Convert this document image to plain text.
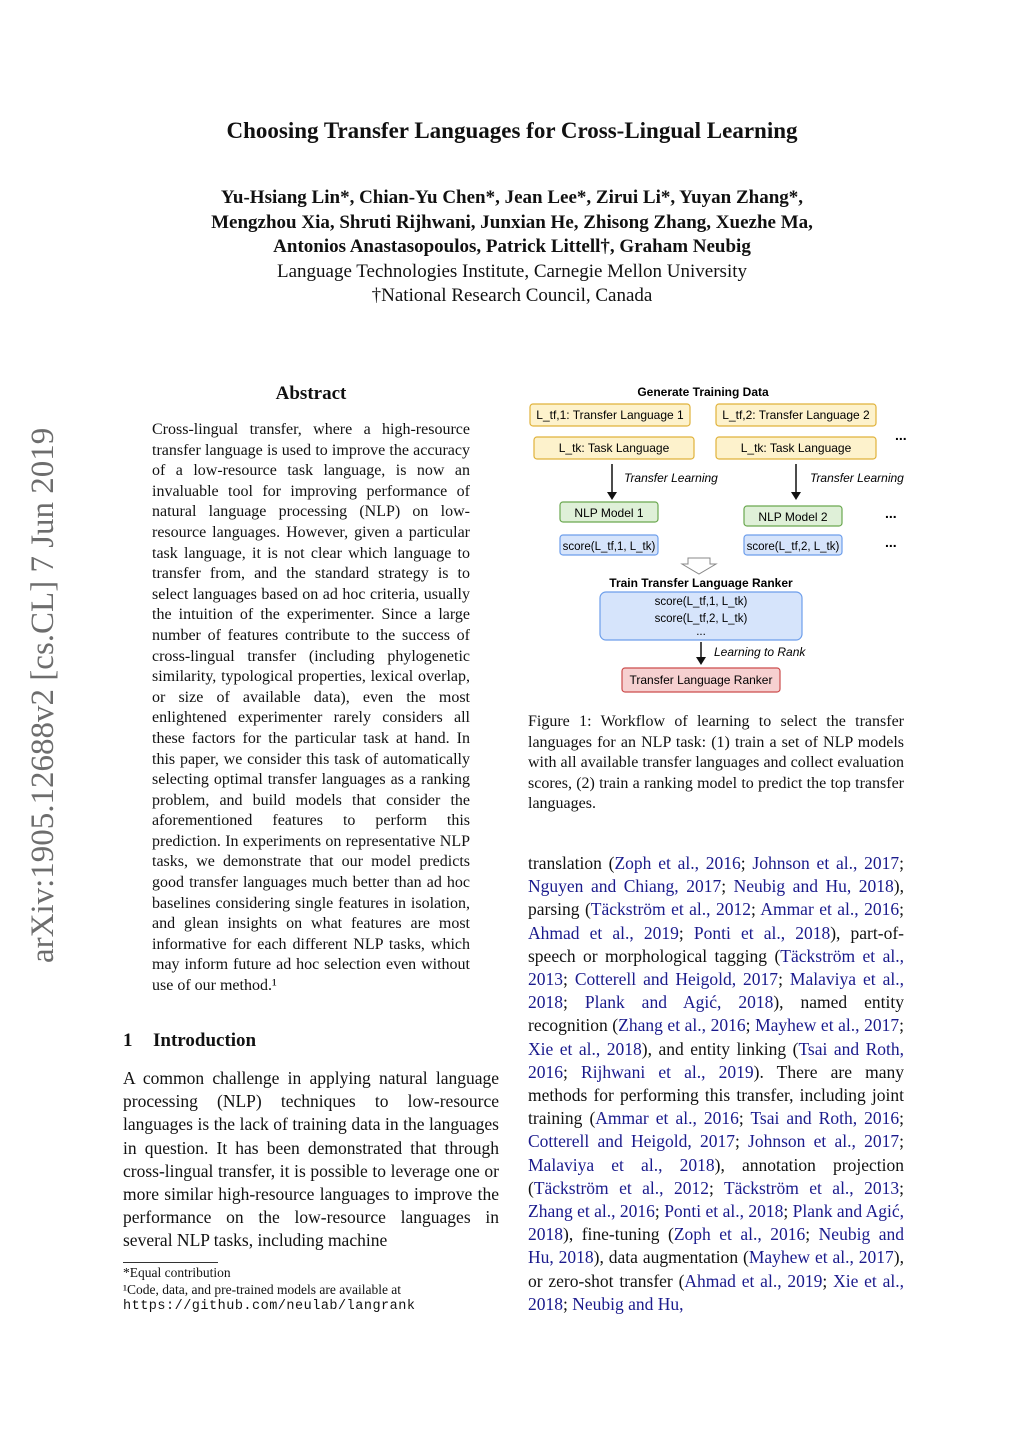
arXiv:1905.12688v2 [cs.CL] 7 Jun 2019
Choosing Transfer Languages for Cross-Lingual Learning
Yu-Hsiang Lin*, Chian-Yu Chen*, Jean Lee*, Zirui Li*, Yuyan Zhang*,
Mengzhou Xia, Shruti Rijhwani, Junxian He, Zhisong Zhang, Xuezhe Ma,
Antonios Anastasopoulos, Patrick Littell†, Graham Neubig
Language Technologies Institute, Carnegie Mellon University
†National Research Council, Canada
Abstract
Cross-lingual transfer, where a high-resource transfer language is used to improve the accuracy of a low-resource task language, is now an invaluable tool for improving performance of natural language processing (NLP) on low-resource languages. However, given a particular task language, it is not clear which language to transfer from, and the standard strategy is to select languages based on ad hoc criteria, usually the intuition of the experimenter. Since a large number of features contribute to the success of cross-lingual transfer (including phylogenetic similarity, typological properties, lexical overlap, or size of available data), even the most enlightened experimenter rarely considers all these factors for the particular task at hand. In this paper, we consider this task of automatically selecting optimal transfer languages as a ranking problem, and build models that consider the aforementioned features to perform this prediction. In experiments on representative NLP tasks, we demonstrate that our model predicts good transfer languages much better than ad hoc baselines considering single features in isolation, and glean insights on what features are most informative for each different NLP tasks, which may inform future ad hoc selection even without use of our method.¹
1 Introduction
A common challenge in applying natural language processing (NLP) techniques to low-resource languages is the lack of training data in the languages in question. It has been demonstrated that through cross-lingual transfer, it is possible to leverage one or more similar high-resource languages to improve the performance on the low-resource languages in several NLP tasks, including machine
*Equal contribution
¹Code, data, and pre-trained models are available at
https://github.com/neulab/langrank
Generate Training Data
L_tf,1: Transfer Language 1	L_tf,2: Transfer Language 2
L_tk: Task Language	L_tk: Task Language
...
Transfer Learning	Transfer Learning
NLP Model 1	NLP Model 2	...
score(L_tf,1, L_tk)	score(L_tf,2, L_tk)	...
Train Transfer Language Ranker
score(L_tf,1, L_tk)
score(L_tf,2, L_tk)
...
Learning to Rank
Transfer Language Ranker
Figure 1: Workflow of learning to select the transfer languages for an NLP task: (1) train a set of NLP models with all available transfer languages and collect evaluation scores, (2) train a ranking model to predict the top transfer languages.
translation (Zoph et al., 2016; Johnson et al., 2017; Nguyen and Chiang, 2017; Neubig and Hu, 2018), parsing (Täckström et al., 2012; Ammar et al., 2016; Ahmad et al., 2019; Ponti et al., 2018), part-of-speech or morphological tagging (Täckström et al., 2013; Cotterell and Heigold, 2017; Malaviya et al., 2018; Plank and Agić, 2018), named entity recognition (Zhang et al., 2016; Mayhew et al., 2017; Xie et al., 2018), and entity linking (Tsai and Roth, 2016; Rijhwani et al., 2019). There are many methods for performing this transfer, including joint training (Ammar et al., 2016; Tsai and Roth, 2016; Cotterell and Heigold, 2017; Johnson et al., 2017; Malaviya et al., 2018), annotation projection (Täckström et al., 2012; Täckström et al., 2013; Zhang et al., 2016; Ponti et al., 2018; Plank and Agić, 2018), fine-tuning (Zoph et al., 2016; Neubig and Hu, 2018), data augmentation (Mayhew et al., 2017), or zero-shot transfer (Ahmad et al., 2019; Xie et al., 2018; Neubig and Hu,
